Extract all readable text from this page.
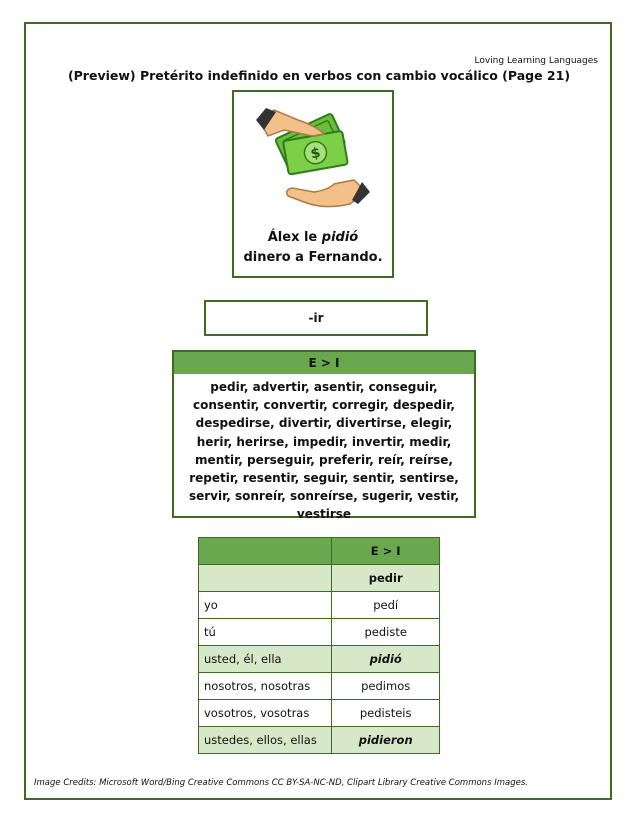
Loving Learning Languages
(Preview) Pretérito indefinido en verbos con cambio vocálico (Page 21)
$
Álex le pidió
dinero a Fernando.
-ir
E > I
pedir, advertir, asentir, conseguir, consentir, convertir, corregir, despedir, despedirse, divertir, divertirse, elegir, herir, herirse, impedir, invertir, medir, mentir, perseguir, preferir, reír, reírse, repetir, resentir, seguir, sentir, sentirse, servir, sonreír, sonreírse, sugerir, vestir, vestirse
	E > I
	pedir
yo	pedí
tú	pediste
usted, él, ella	pidió
nosotros, nosotras	pedimos
vosotros, vosotras	pedisteis
ustedes, ellos, ellas	pidieron
Image Credits: Microsoft Word/Bing Creative Commons CC BY-SA-NC-ND, Clipart Library Creative Commons Images.
